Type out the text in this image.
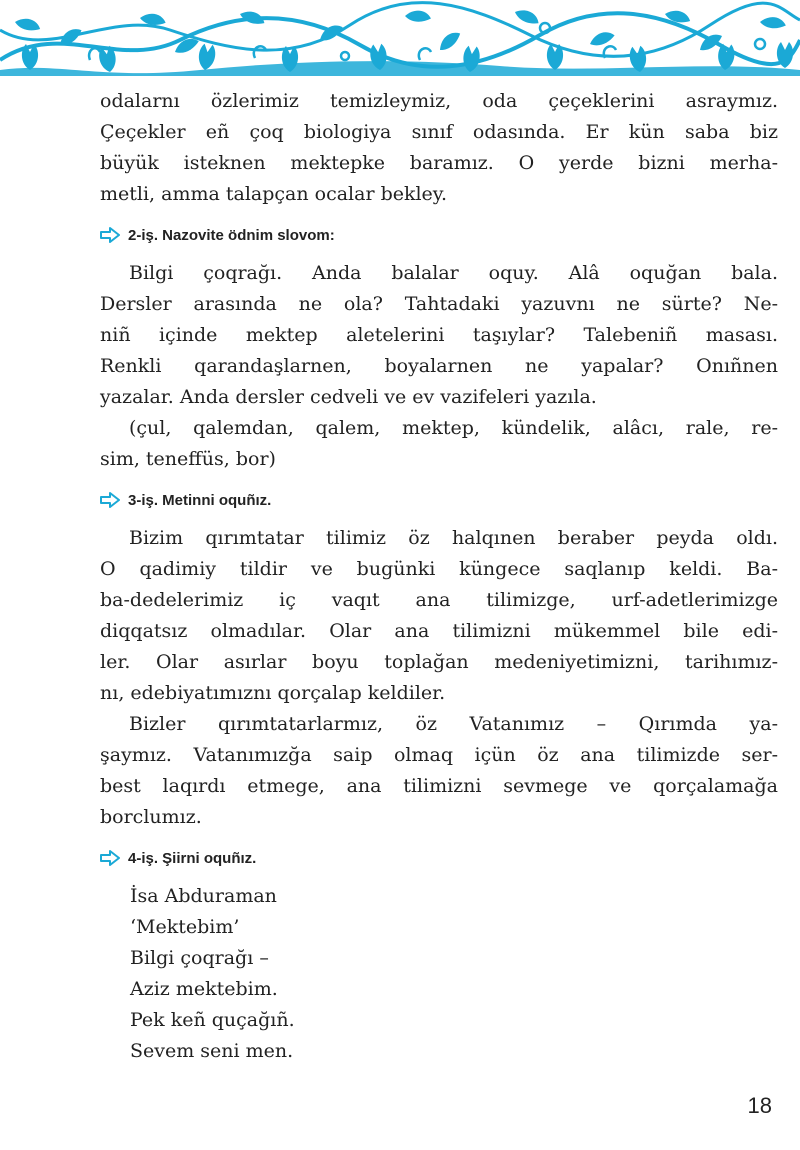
odalarnı özlerimiz temizleymiz, oda çeçeklerini asraymız.
Çeçekler eñ çoq biologiya sınıf odasında. Er kün saba biz
büyük isteknen mektepke baramız. O yerde bizni merha-
metli, amma talapçan ocalar bekley.

2-iş. Nazovite ödnim slovom:

Bilgi çoqrağı. Anda balalar oquy. Alâ oquğan bala.
Dersler arasında ne ola? Tahtadaki yazuvnı ne sürte? Ne-
niñ içinde mektep aletelerini taşıylar? Talebeniñ masası.
Renkli qarandaşlarnen, boyalarnen ne yapalar? Onıñnen
yazalar. Anda dersler cedveli ve ev vazifeleri yazıla.

(çul, qalemdan, qalem, mektep, kündelik, alâcı, rale, re-
sim, teneffüs, bor)

3-iş. Metinni oquñız.

Bizim qırımtatar tilimiz öz halqınen beraber peyda oldı.
O qadimiy tildir ve bugünki küngece saqlanıp keldi. Ba-
ba-dedelerimiz iç vaqıt ana tilimizge, urf-adetlerimizge
diqqatsız olmadılar. Olar ana tilimizni mükemmel bile edi-
ler. Olar asırlar boyu toplağan medeniyetimizni, tarihımız-
nı, edebiyatımıznı qorçalap keldiler.

Bizler qırımtatarlarmız, öz Vatanımız – Qırımda ya-
şaymız. Vatanımızğa saip olmaq içün öz ana tilimizde ser-
best laqırdı etmege, ana tilimizni sevmege ve qorçalamağa
borclumız.

4-iş. Şiirni oquñız.
İsa Abduraman
‘Mektebim’
Bilgi çoqrağı –
Aziz mektebim.
Pek keñ quçağıñ.
Sevem seni men.
18
